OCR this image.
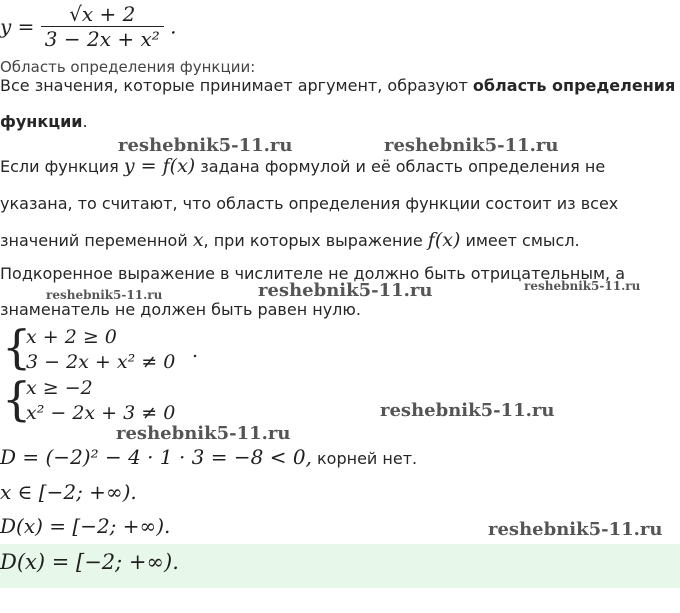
$y = \frac{√x + 2}{\text{3 − 2x + x²}}$ .
Область определения функции:
Все значения, которые принимает аргумент, образуют область определения
функции.
Если функция y = f(x) задана формулой и её область определения не
указана, то считают, что область определения функции состоит из всех
значений переменной x, при которых выражение f(x) имеет смысл.
Подкоренное выражение в числителе не должно быть отрицательным, а
знаменатель не должен быть равен нулю.
{
x + 2 ≥ 0
3 − 2x + x² ≠ 0 .
{
x ≥ −2
x² − 2x + 3 ≠ 0
D = (−2)² − 4 · 1 · 3 = −8 < 0, корней нет.
x ∈ [−2; +∞).
D(x) = [−2; +∞).
D(x) = [−2; +∞).
reshebnik5-11.ru	reshebnik5-11.ru
reshebnik5-11.ru	reshebnik5-11.ru	reshebnik5-11.ru
reshebnik5-11.ru
reshebnik5-11.ru
reshebnik5-11.ru
